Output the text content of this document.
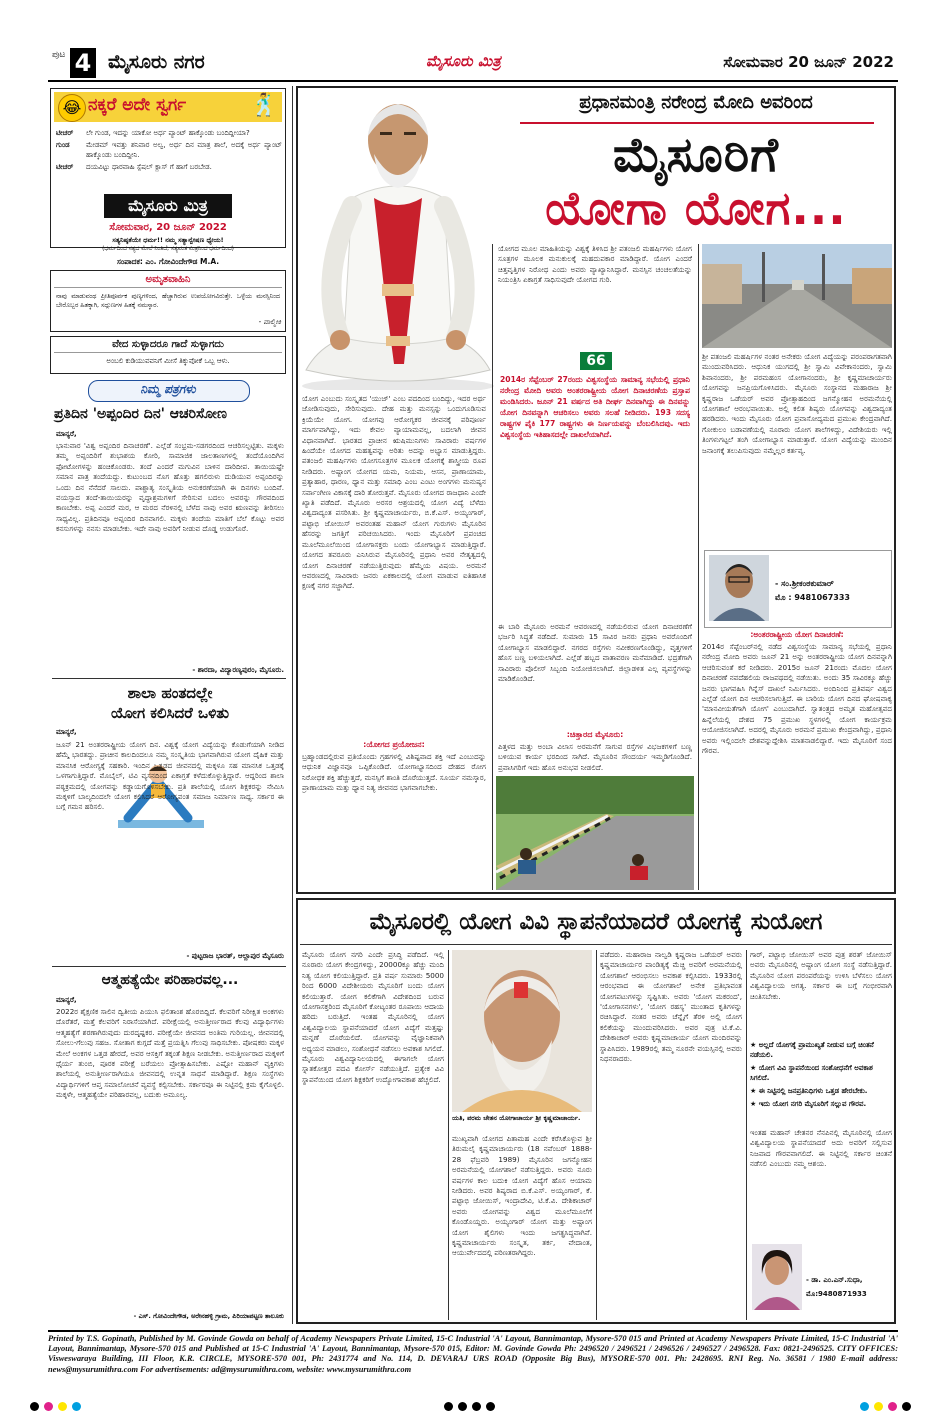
ಪುಟ 4 ಮೈಸೂರು ನಗರ	ಮೈಸೂರು ಮಿತ್ರ	ಸೋಮವಾರ 20 ಜೂನ್ 2022
😂 ನಕ್ಕರೆ ಅದೇ ಸ್ವರ್ಗ	🕺
ಟೀಚರ್	ಲೇ ಗುಂಡ, ಇದನ್ನು ಯಾಕೋ ಅರ್ಧ ಪ್ಯಾಂಟ್ ಹಾಕ್ಕೊಂಡು ಬಂದಿದ್ದೀಯಾ?
ಗುಂಡ	ಮೇಡಮ್ ಇವತ್ತು ಶನಿವಾರ ಅಲ್ವ, ಅರ್ಧ ದಿನ ಮಾತ್ರ ಶಾಲೆ, ಅದಕ್ಕೆ ಅರ್ಧ ಪ್ಯಾಂಟ್ ಹಾಕ್ಕೊಂಡು ಬಂದಿದ್ದೀನಿ.
ಟೀಚರ್	ದಯವಿಟ್ಟು ಧಾರವಾಹಿ ಸ್ಪೆಷಲ್ ಕ್ಲಾಸ್ ಗೆ ಹಾಗೆ ಬರಬೇಡ.
ಮೈಸೂರು ಮಿತ್ರ
ಸೋಮವಾರ, 20 ಜೂನ್ 2022
ಸತ್ಯನಿಷ್ಠತೆಯೇ ಧರ್ಮ!! ನಮ್ಮ ಸತ್ಯಾನ್ವೇಷಣ ಧ್ಯೇಯ!
(ಧರ್ಮದಿಂದ ಸತ್ಯದ ಮೇಲೆ ನಿಂತಿದೆ, ಸತ್ಯವಂತ ಮಿತ್ರನಿಂದ ಧರ್ಮದಿಂದ)
ಸಂಪಾದಕ: ಎಂ. ಗೋವಿಂದೇಗೌಡ M.A.
ಅಮೃತವಾಹಿನಿ
ನಾವು ಮಾಡುವಂಥ ಪ್ರೀತಿಪೂರ್ವಕ ಪುಣ್ಯಗಳಿಂದ, ಹೆಚ್ಚಾಗಿರುವ ಉಪಯೋಗವಿರುತ್ತೇ. ಒಳ್ಳೆಯ ಮನಸ್ಸಿನಿಂದ ಬೇರೊಬ್ಬರ ಹಿತಕ್ಕಾಗಿ, ಸದ್ಗುಣಗಳ ಹಿತಕ್ಕೆ ನಮಸ್ಕಾರ.
- ವಾಲ್ಮೀಕಿ
ವೇದ ಸುಳ್ಳಾದರೂ ಗಾದೆ ಸುಳ್ಳಾಗದು
ಅಂಬಲಿ ಕುಡಿಯುವವನಿಗೆ ಮೀಸೆ ತಿಕ್ಕುವೋಕೆ ಒಬ್ಬ ಆಳು.
ನಿಮ್ಮ ಪತ್ರಗಳು
ಪ್ರತಿದಿನ 'ಅಪ್ಪಂದಿರ ದಿನ' ಆಚರಿಸೋಣ
ಮಾನ್ಯರೆ,
ಭಾನುವಾರ 'ವಿಶ್ವ ಅಪ್ಪಂದಿರ ದಿನಾಚರಣೆ'. ಎಲ್ಲೆಡೆ ಸಂಭ್ರಮ-ಸಡಗರದಿಂದ ಆಚರಿಸಲ್ಪಟ್ಟಿತು. ಮಕ್ಕಳು ತಮ್ಮ ಅಪ್ಪಂದಿರಿಗೆ ಶುಭಾಶಯ ಕೋರಿ, ಸಾಮಾಜಿಕ ಜಾಲತಾಣಗಳಲ್ಲಿ ತಂದೆಯೊಂದಿಗಿನ ಫೋಟೋಗಳನ್ನು ಹಂಚಿಕೊಂಡರು. ತಂದೆ ಎಂದರೆ ಮಗುವಿನ ಬಾಳಿನ ದಾರಿದೀಪ. ತಾಯಿಯಷ್ಟೇ ಸಮಾನ ಪಾತ್ರ ತಂದೆಯದ್ದು. ಕುಟುಂಬದ ನೊಗ ಹೊತ್ತು ಹಗಲಿರುಳು ದುಡಿಯುವ ಅಪ್ಪಂದಿರನ್ನು ಒಂದು ದಿನ ನೆನೆದರೆ ಸಾಲದು. ಪಾಶ್ಚಾತ್ಯ ಸಂಸ್ಕೃತಿಯ ಅನುಕರಣೆಯಾಗಿ ಈ ದಿನಗಳು ಬಂದಿವೆ. ವಯಸ್ಸಾದ ತಂದೆ-ತಾಯಿಯರನ್ನು ವೃದ್ಧಾಶ್ರಮಗಳಿಗೆ ಸೇರಿಸುವ ಬದಲು ಅವರನ್ನು ಗೌರವದಿಂದ ಕಾಣಬೇಕು. ಅಪ್ಪ ಎಂದರೆ ಮರ, ಆ ಮರದ ನೆರಳಿನಲ್ಲಿ ಬೆಳೆದ ನಾವು ಅವರ ಋಣವನ್ನು ತೀರಿಸಲು ಸಾಧ್ಯವಿಲ್ಲ. ಪ್ರತಿದಿನವೂ ಅಪ್ಪಂದಿರ ದಿನವಾಗಲಿ. ಮಕ್ಕಳು ತಂದೆಯ ಮಾತಿಗೆ ಬೆಲೆ ಕೊಟ್ಟು ಅವರ ಕನಸುಗಳನ್ನು ನನಸು ಮಾಡಬೇಕು. ಇದೇ ನಾವು ಅವರಿಗೆ ನೀಡುವ ದೊಡ್ಡ ಉಡುಗೊರೆ.
- ಶಾರದಾ, ವಿದ್ಯಾರಣ್ಯಪುರಂ, ಮೈಸೂರು.
ಶಾಲಾ ಹಂತದಲ್ಲೇ
ಯೋಗ ಕಲಿಸಿದರೆ ಒಳಿತು
ಮಾನ್ಯರೆ,
ಜೂನ್ 21 ಅಂತರರಾಷ್ಟ್ರೀಯ ಯೋಗ ದಿನ. ವಿಶ್ವಕ್ಕೆ ಯೋಗ ವಿದ್ಯೆಯನ್ನು ಕೊಡುಗೆಯಾಗಿ ನೀಡಿದ ಹೆಮ್ಮೆ ಭಾರತದ್ದು. ಪ್ರಾಚೀನ ಕಾಲದಿಂದಲೂ ನಮ್ಮ ಸಂಸ್ಕೃತಿಯ ಭಾಗವಾಗಿರುವ ಯೋಗ ದೈಹಿಕ ಮತ್ತು ಮಾನಸಿಕ ಆರೋಗ್ಯಕ್ಕೆ ಸಹಕಾರಿ. ಇಂದಿನ ಒತ್ತಡದ ಜೀವನದಲ್ಲಿ ಮಕ್ಕಳೂ ಸಹ ಮಾನಸಿಕ ಒತ್ತಡಕ್ಕೆ ಒಳಗಾಗುತ್ತಿದ್ದಾರೆ. ಮೊಬೈಲ್, ಟಿವಿ ವ್ಯಸನದಿಂದ ಏಕಾಗ್ರತೆ ಕಳೆದುಕೊಳ್ಳುತ್ತಿದ್ದಾರೆ. ಆದ್ದರಿಂದ ಶಾಲಾ ಪಠ್ಯಕ್ರಮದಲ್ಲಿ ಯೋಗವನ್ನು ಕಡ್ಡಾಯಗೊಳಿಸಬೇಕು. ಪ್ರತಿ ಶಾಲೆಯಲ್ಲಿ ಯೋಗ ಶಿಕ್ಷಕರನ್ನು ನೇಮಿಸಿ ಮಕ್ಕಳಿಗೆ ಬಾಲ್ಯದಿಂದಲೇ ಯೋಗ ಕಲಿಸಿದರೆ ಆರೋಗ್ಯವಂತ ಸಮಾಜ ನಿರ್ಮಾಣ ಸಾಧ್ಯ. ಸರ್ಕಾರ ಈ ಬಗ್ಗೆ ಗಮನ ಹರಿಸಲಿ.
- ಪುಟ್ಟರಾಜ ಭಾರತ್, ಆಲ್ಲಾಪುರ ಮೈಸೂರು
ಆತ್ಮಹತ್ಯೆಯೇ ಪರಿಹಾರವಲ್ಲ...
ಮಾನ್ಯರೆ,
2022ರ ಶೈಕ್ಷಣಿಕ ಸಾಲಿನ ದ್ವಿತೀಯ ಪಿಯುಸಿ ಫಲಿತಾಂಶ ಹೊರಬಿದ್ದಿದೆ. ಕೆಲವರಿಗೆ ನಿರೀಕ್ಷಿತ ಅಂಕಗಳು ದೊರೆತರೆ, ಮತ್ತೆ ಕೆಲವರಿಗೆ ನಿರಾಸೆಯಾಗಿದೆ. ಪರೀಕ್ಷೆಯಲ್ಲಿ ಅನುತ್ತೀರ್ಣರಾದ ಕೆಲವು ವಿದ್ಯಾರ್ಥಿಗಳು ಆತ್ಮಹತ್ಯೆಗೆ ಶರಣಾಗಿರುವುದು ದುರದೃಷ್ಟಕರ. ಪರೀಕ್ಷೆಯೇ ಜೀವನದ ಅಂತಿಮ ಗುರಿಯಲ್ಲ. ಜೀವನದಲ್ಲಿ ಸೋಲು-ಗೆಲುವು ಸಹಜ. ಸೋತಾಗ ಕುಗ್ಗದೆ ಮತ್ತೆ ಪ್ರಯತ್ನಿಸಿ ಗೆಲುವು ಸಾಧಿಸಬೇಕು. ಪೋಷಕರು ಮಕ್ಕಳ ಮೇಲೆ ಅಂಕಗಳ ಒತ್ತಡ ಹೇರದೆ, ಅವರ ಆಸಕ್ತಿಗೆ ತಕ್ಕಂತೆ ಶಿಕ್ಷಣ ನೀಡಬೇಕು. ಅನುತ್ತೀರ್ಣರಾದ ಮಕ್ಕಳಿಗೆ ಧೈರ್ಯ ತುಂಬಿ, ಪೂರಕ ಪರೀಕ್ಷೆ ಬರೆಯಲು ಪ್ರೋತ್ಸಾಹಿಸಬೇಕು. ಎಷ್ಟೋ ಮಹಾನ್ ವ್ಯಕ್ತಿಗಳು ಶಾಲೆಯಲ್ಲಿ ಅನುತ್ತೀರ್ಣರಾಗಿಯೂ ಜೀವನದಲ್ಲಿ ಉನ್ನತ ಸಾಧನೆ ಮಾಡಿದ್ದಾರೆ. ಶಿಕ್ಷಣ ಸಂಸ್ಥೆಗಳು ವಿದ್ಯಾರ್ಥಿಗಳಿಗೆ ಆಪ್ತ ಸಮಾಲೋಚನೆ ವ್ಯವಸ್ಥೆ ಕಲ್ಪಿಸಬೇಕು. ಸರ್ಕಾರವೂ ಈ ನಿಟ್ಟಿನಲ್ಲಿ ಕ್ರಮ ಕೈಗೊಳ್ಳಲಿ. ಮಕ್ಕಳೇ, ಆತ್ಮಹತ್ಯೆಯೇ ಪರಿಹಾರವಲ್ಲ, ಬದುಕು ಅಮೂಲ್ಯ.
- ಎಸ್. ಗೋವಿಂದೇಗೌಡ, ಅರೇನಹಳ್ಳಿ ಗ್ರಾಮ, ಪಿರಿಯಾಪಟ್ಟಣ ತಾಲೂಕು
ಪ್ರಧಾನಮಂತ್ರಿ ನರೇಂದ್ರ ಮೋದಿ ಅವರಿಂದ
ಮೈಸೂರಿಗೆ
ಯೋಗಾ ಯೋಗ...
ಯೋಗ ಎಂಬುದು ಸಂಸ್ಕೃತದ 'ಯುಜ್' ಎಂಬ ಪದದಿಂದ ಬಂದಿದ್ದು, ಇದರ ಅರ್ಥ ಜೋಡಿಸುವುದು, ಸೇರಿಸುವುದು. ದೇಹ ಮತ್ತು ಮನಸ್ಸನ್ನು ಒಂದುಗೂಡಿಸುವ ಕ್ರಿಯೆಯೇ ಯೋಗ. ಯೋಗವು ಆರೋಗ್ಯಕರ ಜೀವನಕ್ಕೆ ಪರಿಪೂರ್ಣ ಮಾರ್ಗವಾಗಿದ್ದು, ಇದು ಕೇವಲ ವ್ಯಾಯಾಮವಲ್ಲ, ಬದಲಾಗಿ ಜೀವನ ವಿಧಾನವಾಗಿದೆ. ಭಾರತದ ಪ್ರಾಚೀನ ಋಷಿಮುನಿಗಳು ಸಾವಿರಾರು ವರ್ಷಗಳ ಹಿಂದೆಯೇ ಯೋಗದ ಮಹತ್ವವನ್ನು ಅರಿತು ಅದನ್ನು ಅಭ್ಯಾಸ ಮಾಡುತ್ತಿದ್ದರು. ಪತಂಜಲಿ ಮಹರ್ಷಿಗಳು ಯೋಗಸೂತ್ರಗಳ ಮೂಲಕ ಯೋಗಕ್ಕೆ ಶಾಸ್ತ್ರೀಯ ರೂಪ ನೀಡಿದರು. ಅಷ್ಟಾಂಗ ಯೋಗದ ಯಮ, ನಿಯಮ, ಆಸನ, ಪ್ರಾಣಾಯಾಮ, ಪ್ರತ್ಯಾಹಾರ, ಧಾರಣ, ಧ್ಯಾನ ಮತ್ತು ಸಮಾಧಿ ಎಂಬ ಎಂಟು ಅಂಗಗಳು ಮನುಷ್ಯನ ಸರ್ವಾಂಗೀಣ ವಿಕಾಸಕ್ಕೆ ದಾರಿ ತೋರುತ್ತವೆ. ಮೈಸೂರು ಯೋಗದ ರಾಜಧಾನಿ ಎಂದೇ ಖ್ಯಾತಿ ಪಡೆದಿದೆ. ಮೈಸೂರು ಅರಸರ ಆಶ್ರಯದಲ್ಲಿ ಯೋಗ ವಿದ್ಯೆ ಬೆಳೆದು ವಿಶ್ವದಾದ್ಯಂತ ಪಸರಿಸಿತು. ಶ್ರೀ ಕೃಷ್ಣಮಾಚಾರ್ಯರು, ಬಿ.ಕೆ.ಎಸ್. ಅಯ್ಯಂಗಾರ್, ಪಟ್ಟಾಭಿ ಜೋಯಿಸ್ ಅವರಂತಹ ಮಹಾನ್ ಯೋಗ ಗುರುಗಳು ಮೈಸೂರಿನ ಹೆಸರನ್ನು ಜಗತ್ತಿಗೆ ಪರಿಚಯಿಸಿದರು. ಇಂದು ಮೈಸೂರಿಗೆ ಪ್ರಪಂಚದ ಮೂಲೆಮೂಲೆಯಿಂದ ಯೋಗಾಸಕ್ತರು ಬಂದು ಯೋಗಾಭ್ಯಾಸ ಮಾಡುತ್ತಿದ್ದಾರೆ. ಯೋಗದ ತವರೂರು ಎನಿಸಿರುವ ಮೈಸೂರಿನಲ್ಲಿ ಪ್ರಧಾನಿ ಅವರ ನೇತೃತ್ವದಲ್ಲಿ ಯೋಗ ದಿನಾಚರಣೆ ನಡೆಯುತ್ತಿರುವುದು ಹೆಮ್ಮೆಯ ವಿಷಯ. ಅರಮನೆ ಆವರಣದಲ್ಲಿ ಸಾವಿರಾರು ಜನರು ಏಕಕಾಲದಲ್ಲಿ ಯೋಗ ಮಾಡುವ ಐತಿಹಾಸಿಕ ಕ್ಷಣಕ್ಕೆ ನಗರ ಸಜ್ಜಾಗಿದೆ.
:ಯೋಗದ ಪ್ರಯೋಜನ:
ಬ್ರಹ್ಮಾಂಡದಲ್ಲಿರುವ ಪ್ರತಿಯೊಂದು ಗ್ರಹಗಳಲ್ಲಿ ವಿಶಿಷ್ಟವಾದ ಶಕ್ತಿ ಇದೆ ಎಂಬುದನ್ನು ಆಧುನಿಕ ವಿಜ್ಞಾನವೂ ಒಪ್ಪಿಕೊಂಡಿದೆ. ಯೋಗಾಭ್ಯಾಸದಿಂದ ದೇಹದ ರೋಗ ನಿರೋಧಕ ಶಕ್ತಿ ಹೆಚ್ಚುತ್ತದೆ, ಮನಸ್ಸಿಗೆ ಶಾಂತಿ ದೊರೆಯುತ್ತದೆ. ಸೂರ್ಯ ನಮಸ್ಕಾರ, ಪ್ರಾಣಾಯಾಮ ಮತ್ತು ಧ್ಯಾನ ನಿತ್ಯ ಜೀವನದ ಭಾಗವಾಗಬೇಕು.
ಯೋಗದ ಮೂಲ ಮಾಹಿತಿಯನ್ನು ವಿಶ್ವಕ್ಕೆ ತಿಳಿಸಿದ ಶ್ರೀ ಪತಂಜಲಿ ಮಹರ್ಷಿಗಳು ಯೋಗ ಸೂತ್ರಗಳ ಮೂಲಕ ಮನುಕುಲಕ್ಕೆ ಮಹದುಪಕಾರ ಮಾಡಿದ್ದಾರೆ. ಯೋಗ ಎಂದರೆ ಚಿತ್ತವೃತ್ತಿಗಳ ನಿರೋಧ ಎಂದು ಅವರು ವ್ಯಾಖ್ಯಾನಿಸಿದ್ದಾರೆ. ಮನಸ್ಸಿನ ಚಂಚಲತೆಯನ್ನು ನಿಯಂತ್ರಿಸಿ ಏಕಾಗ್ರತೆ ಸಾಧಿಸುವುದೇ ಯೋಗದ ಗುರಿ.
66
2014ರ ಸೆಪ್ಟೆಂಬರ್ 27ರಂದು ವಿಶ್ವಸಂಸ್ಥೆಯ ಸಾಮಾನ್ಯ ಸಭೆಯಲ್ಲಿ ಪ್ರಧಾನಿ ನರೇಂದ್ರ ಮೋದಿ ಅವರು ಅಂತರರಾಷ್ಟ್ರೀಯ ಯೋಗ ದಿನಾಚರಣೆಯ ಪ್ರಸ್ತಾಪ ಮಂಡಿಸಿದರು. ಜೂನ್ 21 ವರ್ಷದ ಅತಿ ದೀರ್ಘ ದಿನವಾಗಿದ್ದು ಈ ದಿನವನ್ನು ಯೋಗ ದಿನವನ್ನಾಗಿ ಆಚರಿಸಲು ಅವರು ಸಲಹೆ ನೀಡಿದರು. 193 ಸದಸ್ಯ ರಾಷ್ಟ್ರಗಳ ಪೈಕಿ 177 ರಾಷ್ಟ್ರಗಳು ಈ ನಿರ್ಣಯವನ್ನು ಬೆಂಬಲಿಸಿದವು. ಇದು ವಿಶ್ವಸಂಸ್ಥೆಯ ಇತಿಹಾಸದಲ್ಲೇ ದಾಖಲೆಯಾಗಿದೆ.
ಈ ಬಾರಿ ಮೈಸೂರು ಅರಮನೆ ಆವರಣದಲ್ಲಿ ನಡೆಯಲಿರುವ ಯೋಗ ದಿನಾಚರಣೆಗೆ ಭರ್ಜರಿ ಸಿದ್ಧತೆ ನಡೆದಿದೆ. ಸುಮಾರು 15 ಸಾವಿರ ಜನರು ಪ್ರಧಾನಿ ಅವರೊಂದಿಗೆ ಯೋಗಾಭ್ಯಾಸ ಮಾಡಲಿದ್ದಾರೆ. ನಗರದ ರಸ್ತೆಗಳು ನವೀಕರಣಗೊಂಡಿದ್ದು, ವೃತ್ತಗಳಿಗೆ ಹೊಸ ಬಣ್ಣ ಬಳಿಯಲಾಗಿದೆ. ಎಲ್ಲೆಡೆ ಹಬ್ಬದ ವಾತಾವರಣ ಮನೆಮಾಡಿದೆ. ಭದ್ರತೆಗಾಗಿ ಸಾವಿರಾರು ಪೊಲೀಸ್ ಸಿಬ್ಬಂದಿ ನಿಯೋಜಿಸಲಾಗಿದೆ. ಜಿಲ್ಲಾಡಳಿತ ಎಲ್ಲ ವ್ಯವಸ್ಥೆಗಳನ್ನು ಮಾಡಿಕೊಂಡಿದೆ.
:ಚಿತ್ತಾರದ ಮೈಸೂರು:
ಪಿತ್ತಳದ ಮತ್ತು ಅಂಬಾ ವಿಲಾಸ ಅರಮನೆಗೆ ಸಾಗುವ ರಸ್ತೆಗಳ ವಿಭಜಕಗಳಿಗೆ ಬಣ್ಣ ಬಳಿಯುವ ಕಾರ್ಯ ಭರದಿಂದ ಸಾಗಿದೆ. ಮೈಸೂರಿನ ಸೌಂದರ್ಯ ಇಮ್ಮಡಿಗೊಂಡಿದೆ. ಪ್ರವಾಸಿಗರಿಗೆ ಇದು ಹೊಸ ಅನುಭವ ನೀಡಲಿದೆ.
ಶ್ರೀ ಪತಂಜಲಿ ಮಹರ್ಷಿಗಳ ನಂತರ ಅನೇಕರು ಯೋಗ ವಿದ್ಯೆಯನ್ನು ಪರಂಪರಾಗತವಾಗಿ ಮುಂದುವರಿಸಿದರು. ಆಧುನಿಕ ಯುಗದಲ್ಲಿ ಶ್ರೀ ಸ್ವಾಮಿ ವಿವೇಕಾನಂದರು, ಸ್ವಾಮಿ ಶಿವಾನಂದರು, ಶ್ರೀ ಪರಮಹಂಸ ಯೋಗಾನಂದರು, ಶ್ರೀ ಕೃಷ್ಣಮಾಚಾರ್ಯರು ಯೋಗವನ್ನು ಜನಪ್ರಿಯಗೊಳಿಸಿದರು. ಮೈಸೂರು ಸಂಸ್ಥಾನದ ಮಹಾರಾಜ ಶ್ರೀ ಕೃಷ್ಣರಾಜ ಒಡೆಯರ್ ಅವರ ಪ್ರೋತ್ಸಾಹದಿಂದ ಜಗನ್ಮೋಹನ ಅರಮನೆಯಲ್ಲಿ ಯೋಗಶಾಲೆ ಆರಂಭವಾಯಿತು. ಅಲ್ಲಿ ಕಲಿತ ಶಿಷ್ಯರು ಯೋಗವನ್ನು ವಿಶ್ವದಾದ್ಯಂತ ಹರಡಿದರು. ಇಂದು ಮೈಸೂರು ಯೋಗ ಪ್ರವಾಸೋದ್ಯಮದ ಪ್ರಮುಖ ಕೇಂದ್ರವಾಗಿದೆ. ಗೋಕುಲಂ ಬಡಾವಣೆಯಲ್ಲಿ ನೂರಾರು ಯೋಗ ಶಾಲೆಗಳಿದ್ದು, ವಿದೇಶಿಯರು ಇಲ್ಲಿ ತಿಂಗಳುಗಟ್ಟಲೆ ತಂಗಿ ಯೋಗಾಭ್ಯಾಸ ಮಾಡುತ್ತಾರೆ. ಯೋಗ ವಿದ್ಯೆಯನ್ನು ಮುಂದಿನ ಜನಾಂಗಕ್ಕೆ ತಲುಪಿಸುವುದು ನಮ್ಮೆಲ್ಲರ ಕರ್ತವ್ಯ.
- ಸಂ.ಶ್ರೀಕಂಠಕುಮಾರ್
ಮೊ : 9481067333
:ಅಂತರರಾಷ್ಟ್ರೀಯ ಯೋಗ ದಿನಾಚರಣೆ:
2014ರ ಸೆಪ್ಟೆಂಬರ್‌ನಲ್ಲಿ ನಡೆದ ವಿಶ್ವಸಂಸ್ಥೆಯ ಸಾಮಾನ್ಯ ಸಭೆಯಲ್ಲಿ ಪ್ರಧಾನಿ ನರೇಂದ್ರ ಮೋದಿ ಅವರು ಜೂನ್ 21 ಅನ್ನು ಅಂತರರಾಷ್ಟ್ರೀಯ ಯೋಗ ದಿನವನ್ನಾಗಿ ಆಚರಿಸುವಂತೆ ಕರೆ ನೀಡಿದರು. 2015ರ ಜೂನ್ 21ರಂದು ಮೊದಲ ಯೋಗ ದಿನಾಚರಣೆ ನವದೆಹಲಿಯ ರಾಜಪಥದಲ್ಲಿ ನಡೆಯಿತು. ಅಂದು 35 ಸಾವಿರಕ್ಕೂ ಹೆಚ್ಚು ಜನರು ಭಾಗವಹಿಸಿ ಗಿನ್ನೆಸ್ ದಾಖಲೆ ನಿರ್ಮಿಸಿದರು. ಅಂದಿನಿಂದ ಪ್ರತಿವರ್ಷ ವಿಶ್ವದ ಎಲ್ಲೆಡೆ ಯೋಗ ದಿನ ಆಚರಿಸಲಾಗುತ್ತಿದೆ. ಈ ಬಾರಿಯ ಯೋಗ ದಿನದ ಘೋಷವಾಕ್ಯ 'ಮಾನವೀಯತೆಗಾಗಿ ಯೋಗ' ಎಂಬುದಾಗಿದೆ. ಸ್ವಾತಂತ್ರ್ಯದ ಅಮೃತ ಮಹೋತ್ಸವದ ಹಿನ್ನೆಲೆಯಲ್ಲಿ ದೇಶದ 75 ಪ್ರಮುಖ ಸ್ಥಳಗಳಲ್ಲಿ ಯೋಗ ಕಾರ್ಯಕ್ರಮ ಆಯೋಜಿಸಲಾಗಿದೆ. ಅದರಲ್ಲಿ ಮೈಸೂರು ಅರಮನೆ ಪ್ರಮುಖ ಕೇಂದ್ರವಾಗಿದ್ದು, ಪ್ರಧಾನಿ ಅವರು ಇಲ್ಲಿಂದಲೇ ದೇಶವನ್ನುದ್ದೇಶಿಸಿ ಮಾತನಾಡಲಿದ್ದಾರೆ. ಇದು ಮೈಸೂರಿಗೆ ಸಂದ ಗೌರವ.
ಮೈಸೂರಲ್ಲಿ ಯೋಗ ವಿವಿ ಸ್ಥಾಪನೆಯಾದರೆ ಯೋಗಕ್ಕೆ ಸುಯೋಗ
ಮೈಸೂರು ಯೋಗ ನಗರಿ ಎಂದೇ ಪ್ರಸಿದ್ಧಿ ಪಡೆದಿದೆ. ಇಲ್ಲಿ ನೂರಾರು ಯೋಗ ಕೇಂದ್ರಗಳಿದ್ದು, 20000ಕ್ಕೂ ಹೆಚ್ಚು ಮಂದಿ ನಿತ್ಯ ಯೋಗ ಕಲಿಯುತ್ತಿದ್ದಾರೆ. ಪ್ರತಿ ವರ್ಷ ಸುಮಾರು 5000 ರಿಂದ 6000 ವಿದೇಶೀಯರು ಮೈಸೂರಿಗೆ ಬಂದು ಯೋಗ ಕಲಿಯುತ್ತಾರೆ. ಯೋಗ ಕಲಿಕೆಗಾಗಿ ವಿದೇಶದಿಂದ ಬರುವ ಯೋಗಾಸಕ್ತರಿಂದ ಮೈಸೂರಿಗೆ ಕೋಟ್ಯಂತರ ರೂಪಾಯಿ ಆದಾಯ ಹರಿದು ಬರುತ್ತಿದೆ. ಇಂತಹ ಮೈಸೂರಿನಲ್ಲಿ ಯೋಗ ವಿಶ್ವವಿದ್ಯಾಲಯ ಸ್ಥಾಪನೆಯಾದರೆ ಯೋಗ ವಿದ್ಯೆಗೆ ಮತ್ತಷ್ಟು ಮನ್ನಣೆ ದೊರೆಯಲಿದೆ. ಯೋಗವನ್ನು ವೈಜ್ಞಾನಿಕವಾಗಿ ಅಧ್ಯಯನ ಮಾಡಲು, ಸಂಶೋಧನೆ ನಡೆಸಲು ಅವಕಾಶ ಸಿಗಲಿದೆ. ಮೈಸೂರು ವಿಶ್ವವಿದ್ಯಾನಿಲಯದಲ್ಲಿ ಈಗಾಗಲೇ ಯೋಗ ಸ್ನಾತಕೋತ್ತರ ಪದವಿ ಕೋರ್ಸ್ ನಡೆಯುತ್ತಿದೆ. ಪ್ರತ್ಯೇಕ ವಿವಿ ಸ್ಥಾಪನೆಯಿಂದ ಯೋಗ ಶಿಕ್ಷಕರಿಗೆ ಉದ್ಯೋಗಾವಕಾಶ ಹೆಚ್ಚಲಿದೆ.
ಯತಿ, ಪರಮ ಚೇತನ ಯೋಗಾಚಾರ್ಯ ಶ್ರೀ ಕೃಷ್ಣಮಾಚಾರ್ಯ.
ಮುಖ್ಯವಾಗಿ ಯೋಗದ ಪಿತಾಮಹ ಎಂದೇ ಕರೆಸಿಕೊಳ್ಳುವ ಶ್ರೀ ತಿರುಮಲೈ ಕೃಷ್ಣಮಾಚಾರ್ಯರು (18 ನವೆಂಬರ್ 1888-28 ಫೆಬ್ರವರಿ 1989) ಮೈಸೂರಿನ ಜಗನ್ಮೋಹನ ಅರಮನೆಯಲ್ಲಿ ಯೋಗಶಾಲೆ ನಡೆಸುತ್ತಿದ್ದರು. ಅವರು ನೂರು ವರ್ಷಗಳ ಕಾಲ ಬದುಕಿ ಯೋಗ ವಿದ್ಯೆಗೆ ಹೊಸ ಆಯಾಮ ನೀಡಿದರು. ಅವರ ಶಿಷ್ಯರಾದ ಬಿ.ಕೆ.ಎಸ್. ಅಯ್ಯಂಗಾರ್, ಕೆ. ಪಟ್ಟಾಭಿ ಜೋಯಿಸ್, ಇಂದ್ರಾದೇವಿ, ಟಿ.ಕೆ.ವಿ. ದೇಶಿಕಾಚಾರ್ ಅವರು ಯೋಗವನ್ನು ವಿಶ್ವದ ಮೂಲೆಮೂಲೆಗೆ ಕೊಂಡೊಯ್ದರು. ಅಯ್ಯಂಗಾರ್ ಯೋಗ ಮತ್ತು ಅಷ್ಟಾಂಗ ಯೋಗ ಶೈಲಿಗಳು ಇಂದು ಜಗತ್ಪ್ರಸಿದ್ಧವಾಗಿವೆ. ಕೃಷ್ಣಮಾಚಾರ್ಯರು ಸಂಸ್ಕೃತ, ತರ್ಕ, ವೇದಾಂತ, ಆಯುರ್ವೇದದಲ್ಲಿ ಪರಿಣತರಾಗಿದ್ದರು.
ಪಡೆದರು. ಮಹಾರಾಜ ನಾಲ್ವಡಿ ಕೃಷ್ಣರಾಜ ಒಡೆಯರ್ ಅವರು ಕೃಷ್ಣಮಾಚಾರ್ಯರ ಪಾಂಡಿತ್ಯಕ್ಕೆ ಮೆಚ್ಚಿ ಅವರಿಗೆ ಅರಮನೆಯಲ್ಲಿ ಯೋಗಶಾಲೆ ಆರಂಭಿಸಲು ಅವಕಾಶ ಕಲ್ಪಿಸಿದರು. 1933ರಲ್ಲಿ ಆರಂಭವಾದ ಈ ಯೋಗಶಾಲೆ ಅನೇಕ ಪ್ರತಿಭಾವಂತ ಯೋಗಪಟುಗಳನ್ನು ಸೃಷ್ಟಿಸಿತು. ಅವರು 'ಯೋಗ ಮಕರಂದ', 'ಯೋಗಾಸನಗಳು', 'ಯೋಗ ರಹಸ್ಯ' ಮುಂತಾದ ಕೃತಿಗಳನ್ನು ರಚಿಸಿದ್ದಾರೆ. ನಂತರ ಅವರು ಚೆನ್ನೈಗೆ ತೆರಳಿ ಅಲ್ಲಿ ಯೋಗ ಕಲಿಕೆಯನ್ನು ಮುಂದುವರಿಸಿದರು. ಅವರ ಪುತ್ರ ಟಿ.ಕೆ.ವಿ. ದೇಶಿಕಾಚಾರ್ ಅವರು ಕೃಷ್ಣಮಾಚಾರ್ಯ ಯೋಗ ಮಂದಿರವನ್ನು ಸ್ಥಾಪಿಸಿದರು. 1989ರಲ್ಲಿ ತಮ್ಮ ನೂರನೇ ವಯಸ್ಸಿನಲ್ಲಿ ಅವರು ನಿಧನರಾದರು.
ಗಾರ್, ಪಟ್ಟಾಭಿ ಜೋಯಿಸ್ ಅವರ ಪುತ್ರ ಶರತ್ ಜೋಯಿಸ್ ಅವರು ಮೈಸೂರಿನಲ್ಲಿ ಅಷ್ಟಾಂಗ ಯೋಗ ಸಂಸ್ಥೆ ನಡೆಸುತ್ತಿದ್ದಾರೆ. ಮೈಸೂರಿನ ಯೋಗ ಪರಂಪರೆಯನ್ನು ಉಳಿಸಿ ಬೆಳೆಸಲು ಯೋಗ ವಿಶ್ವವಿದ್ಯಾಲಯ ಅಗತ್ಯ. ಸರ್ಕಾರ ಈ ಬಗ್ಗೆ ಗಂಭೀರವಾಗಿ ಚಿಂತಿಸಬೇಕು.
★ ಅಲ್ಲದೆ ಯೋಗಕ್ಕೆ ಪ್ರಾಮುಖ್ಯತೆ ನೀಡುವ ಬಗ್ಗೆ ಚಿಂತನೆ ನಡೆಯಲಿ.
★ ಯೋಗ ವಿವಿ ಸ್ಥಾಪನೆಯಿಂದ ಸಂಶೋಧನೆಗೆ ಅವಕಾಶ ಸಿಗಲಿದೆ.
★ ಈ ನಿಟ್ಟಿನಲ್ಲಿ ಜನಪ್ರತಿನಿಧಿಗಳು ಒತ್ತಡ ಹೇರಬೇಕು.
★ ಇದು ಯೋಗ ನಗರಿ ಮೈಸೂರಿಗೆ ಸಲ್ಲುವ ಗೌರವ.
ಇಂತಹ ಮಹಾನ್ ಚೇತನರ ನೆನಪಿನಲ್ಲಿ ಮೈಸೂರಿನಲ್ಲಿ ಯೋಗ ವಿಶ್ವವಿದ್ಯಾಲಯ ಸ್ಥಾಪನೆಯಾದರೆ ಅದು ಅವರಿಗೆ ಸಲ್ಲಿಸುವ ನಿಜವಾದ ಗೌರವವಾಗಲಿದೆ. ಈ ನಿಟ್ಟಿನಲ್ಲಿ ಸರ್ಕಾರ ಚಿಂತನೆ ನಡೆಸಲಿ ಎಂಬುದು ನಮ್ಮ ಆಶಯ.
- ಡಾ. ಎಂ.ಎನ್.ಸುಧಾ,
ಮೊ:9480871933
Printed by T.S. Gopinath, Published by M. Govinde Gowda on behalf of Academy Newspapers Private Limited, 15-C Industrial 'A' Layout, Bannimantap, Mysore-570 015 and Printed at Academy Newspapers Private Limited, 15-C Industrial 'A' Layout, Bannimantap, Mysore-570 015 and Published at 15-C Industrial 'A' Layout, Bannimantap, Mysore-570 015, Editor: M. Govinde Gowda Ph: 2496520 / 2496521 / 2496526 / 2496527 / 2496528. Fax: 0821-2496525. CITY OFFICES: Visweswaraya Building, III Floor, K.R. CIRCLE, MYSORE-570 001, Ph: 2431774 and No. 114, D. DEVARAJ URS ROAD (Opposite Big Bus), MYSORE-570 001. Ph: 2428695. RNI Reg. No. 36581 / 1980 E-mail address: news@mysurumithra.com For advertisements: ad@mysurumithra.com, website: www.mysurumithra.com
